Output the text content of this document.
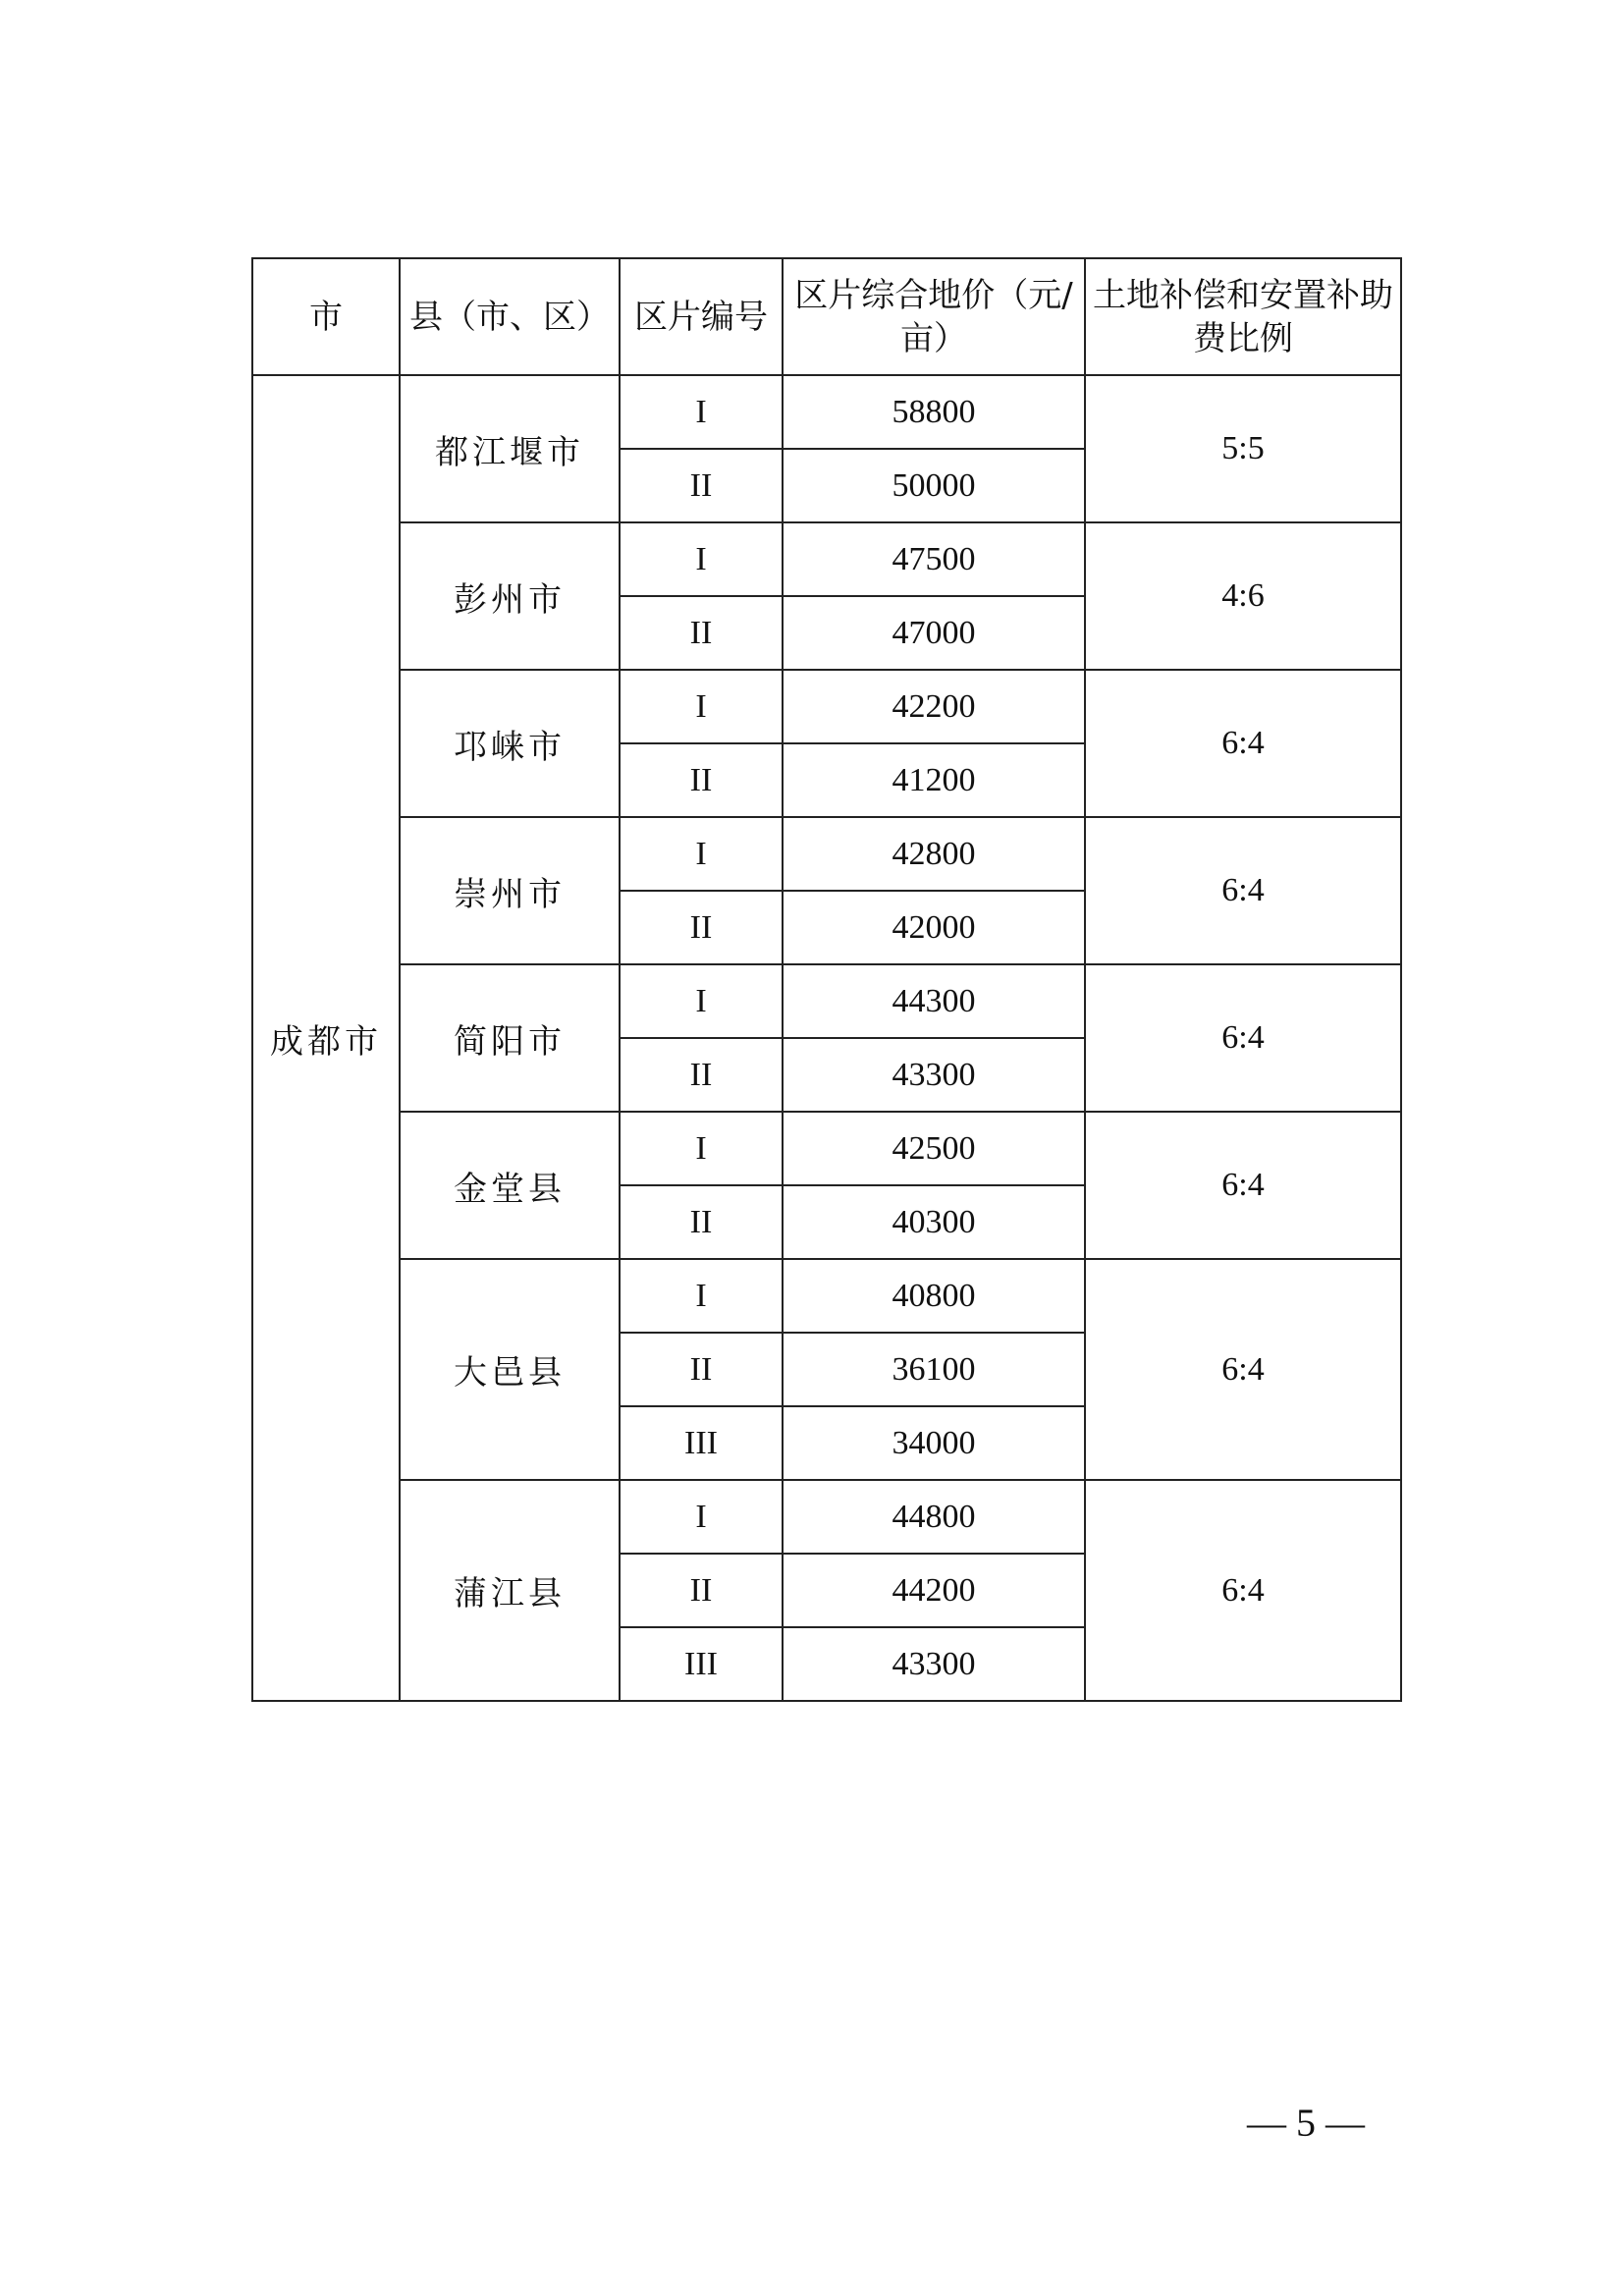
市	县（市、区）	区片编号	区片综合地价（元/亩）	土地补偿和安置补助费比例
成都市	都江堰市	I	58800	5:5
		II	50000	
	彭州市	I	47500	4:6
		II	47000	
	邛崃市	I	42200	6:4
		II	41200	
	崇州市	I	42800	6:4
		II	42000	
	简阳市	I	44300	6:4
		II	43300	
	金堂县	I	42500	6:4
		II	40300	
	大邑县	I	40800	6:4
		II	36100	
		III	34000	
	蒲江县	I	44800	6:4
		II	44200	
		III	43300	
— 5 —
